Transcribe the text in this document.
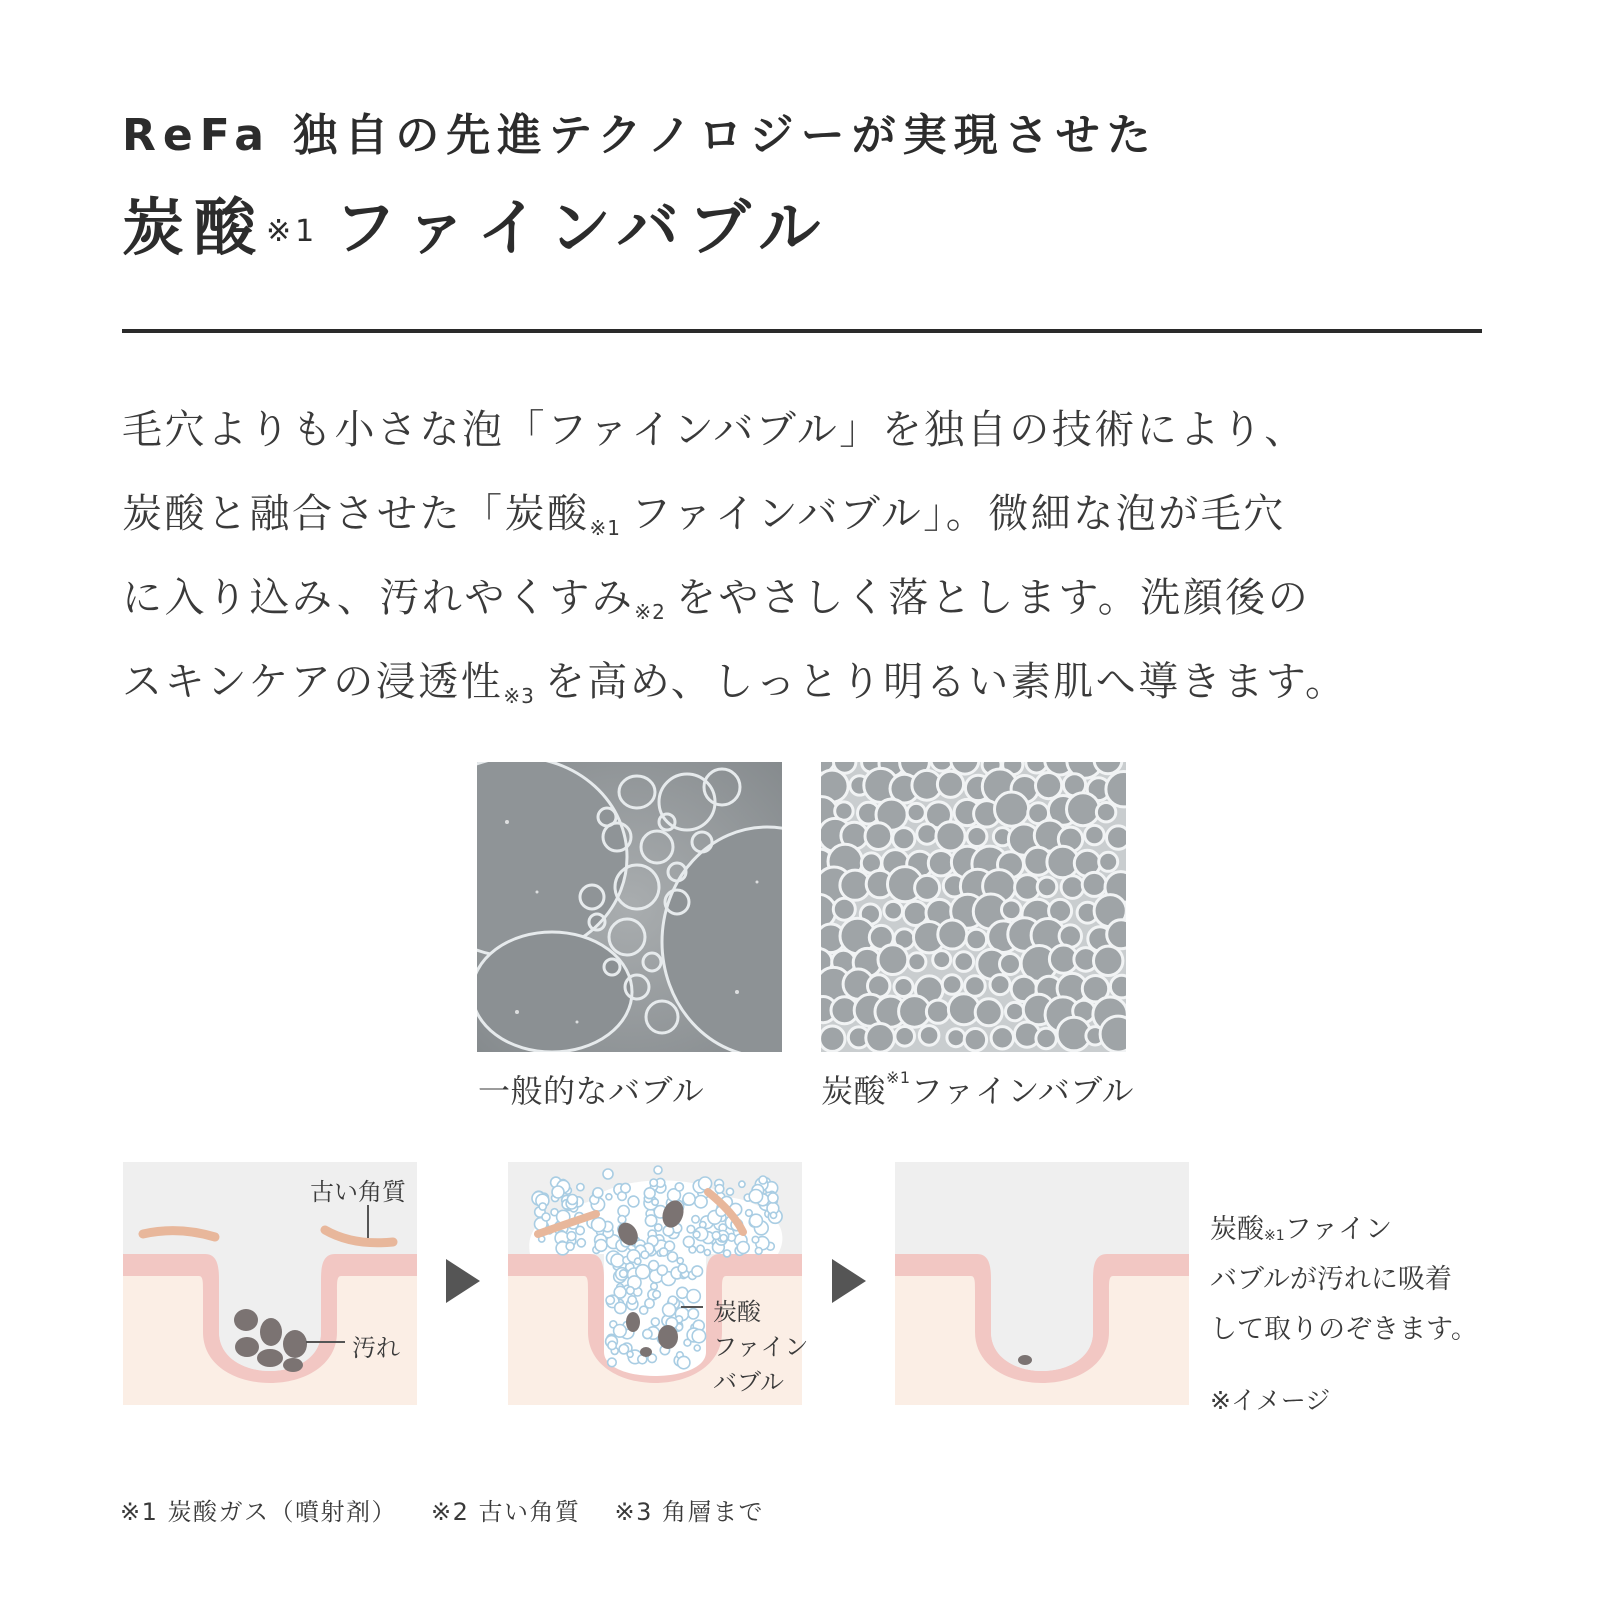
ReFa 独自の先進テクノロジーが実現させた
炭酸$^{※1}$ ファインバブル
毛穴よりも小さな泡「ファインバブル」を独自の技術により、
炭酸と融合させた「炭酸$^{※1}$ ファインバブル」。微細な泡が毛穴
に入り込み、汚れやくすみ$^{※2}$ をやさしく落とします。洗顔後の
スキンケアの浸透性$^{※3}$ を高め、しっとり明るい素肌へ導きます。
一般的なバブル	炭酸$^{※1}$ファインバブル
古い角質
汚れ
炭酸
ファイン
バブル
炭酸$^{※1}$ファイン
バブルが汚れに吸着
して取りのぞきます。
※イメージ
※1 炭酸ガス（噴射剤） ※2 古い角質 ※3 角層まで
